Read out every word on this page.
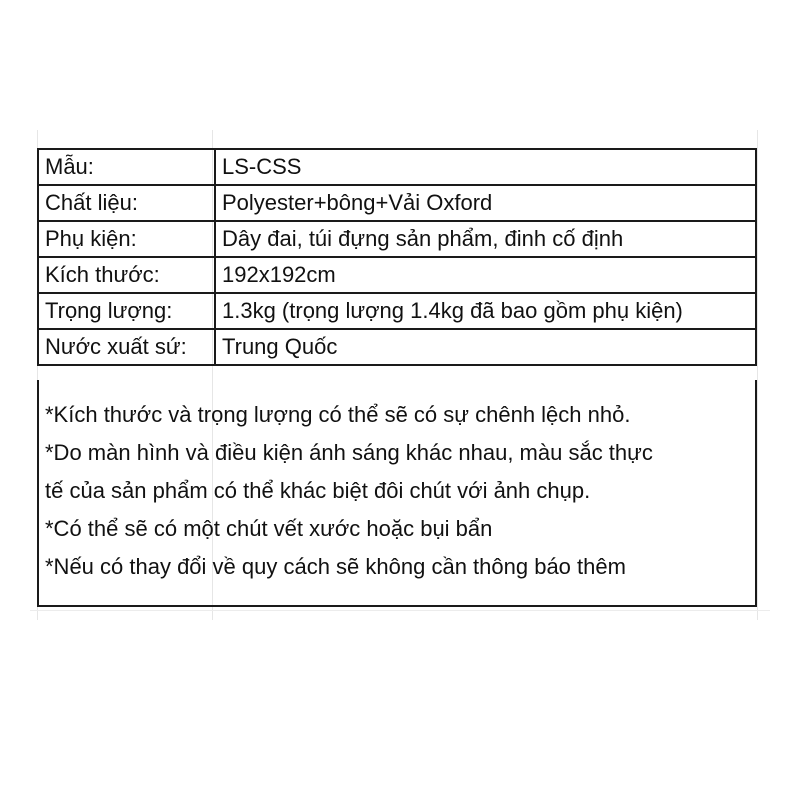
Mẫu:	LS-CSS
Chất liệu:	Polyester+bông+Vải Oxford
Phụ kiện:	Dây đai, túi đựng sản phẩm, đinh cố định
Kích thước:	192x192cm
Trọng lượng:	1.3kg (trọng lượng 1.4kg đã bao gồm phụ kiện)
Nước xuất sứ:	Trung Quốc
*Kích thước và trọng lượng có thể sẽ có sự chênh lệch nhỏ.
*Do màn hình và điều kiện ánh sáng khác nhau, màu sắc thực
tế của sản phẩm có thể khác biệt đôi chút với ảnh chụp.
*Có thể sẽ có một chút vết xước hoặc bụi bẩn
*Nếu có thay đổi về quy cách sẽ không cần thông báo thêm
